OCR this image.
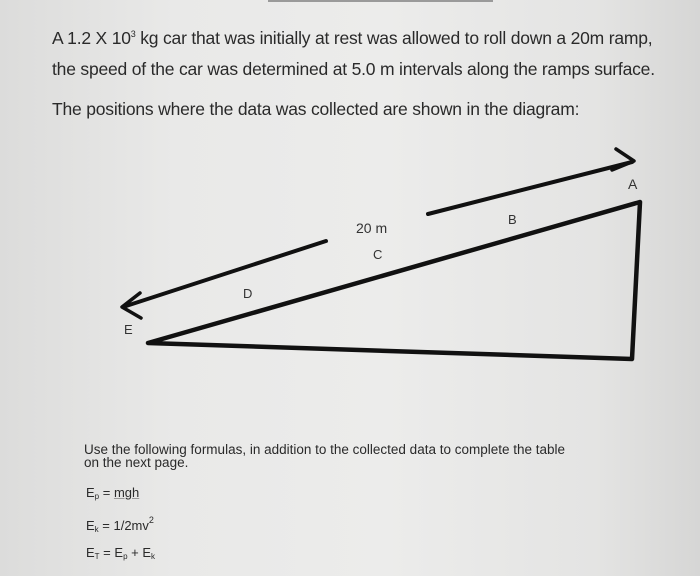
A 1.2 X $10^3$ kg car that was initially at rest was allowed to roll down a 20m ramp,
the speed of the car was determined at 5.0 m intervals along the ramps surface.
The positions where the data was collected are shown in the diagram:
A
B
20 m
C
D
E
Use the following formulas, in addition to the collected data to complete the table
on the next page.
$E_p$ = mgh
$E_k = 1/2mv^2$
$E_T = E_p + E_k$
